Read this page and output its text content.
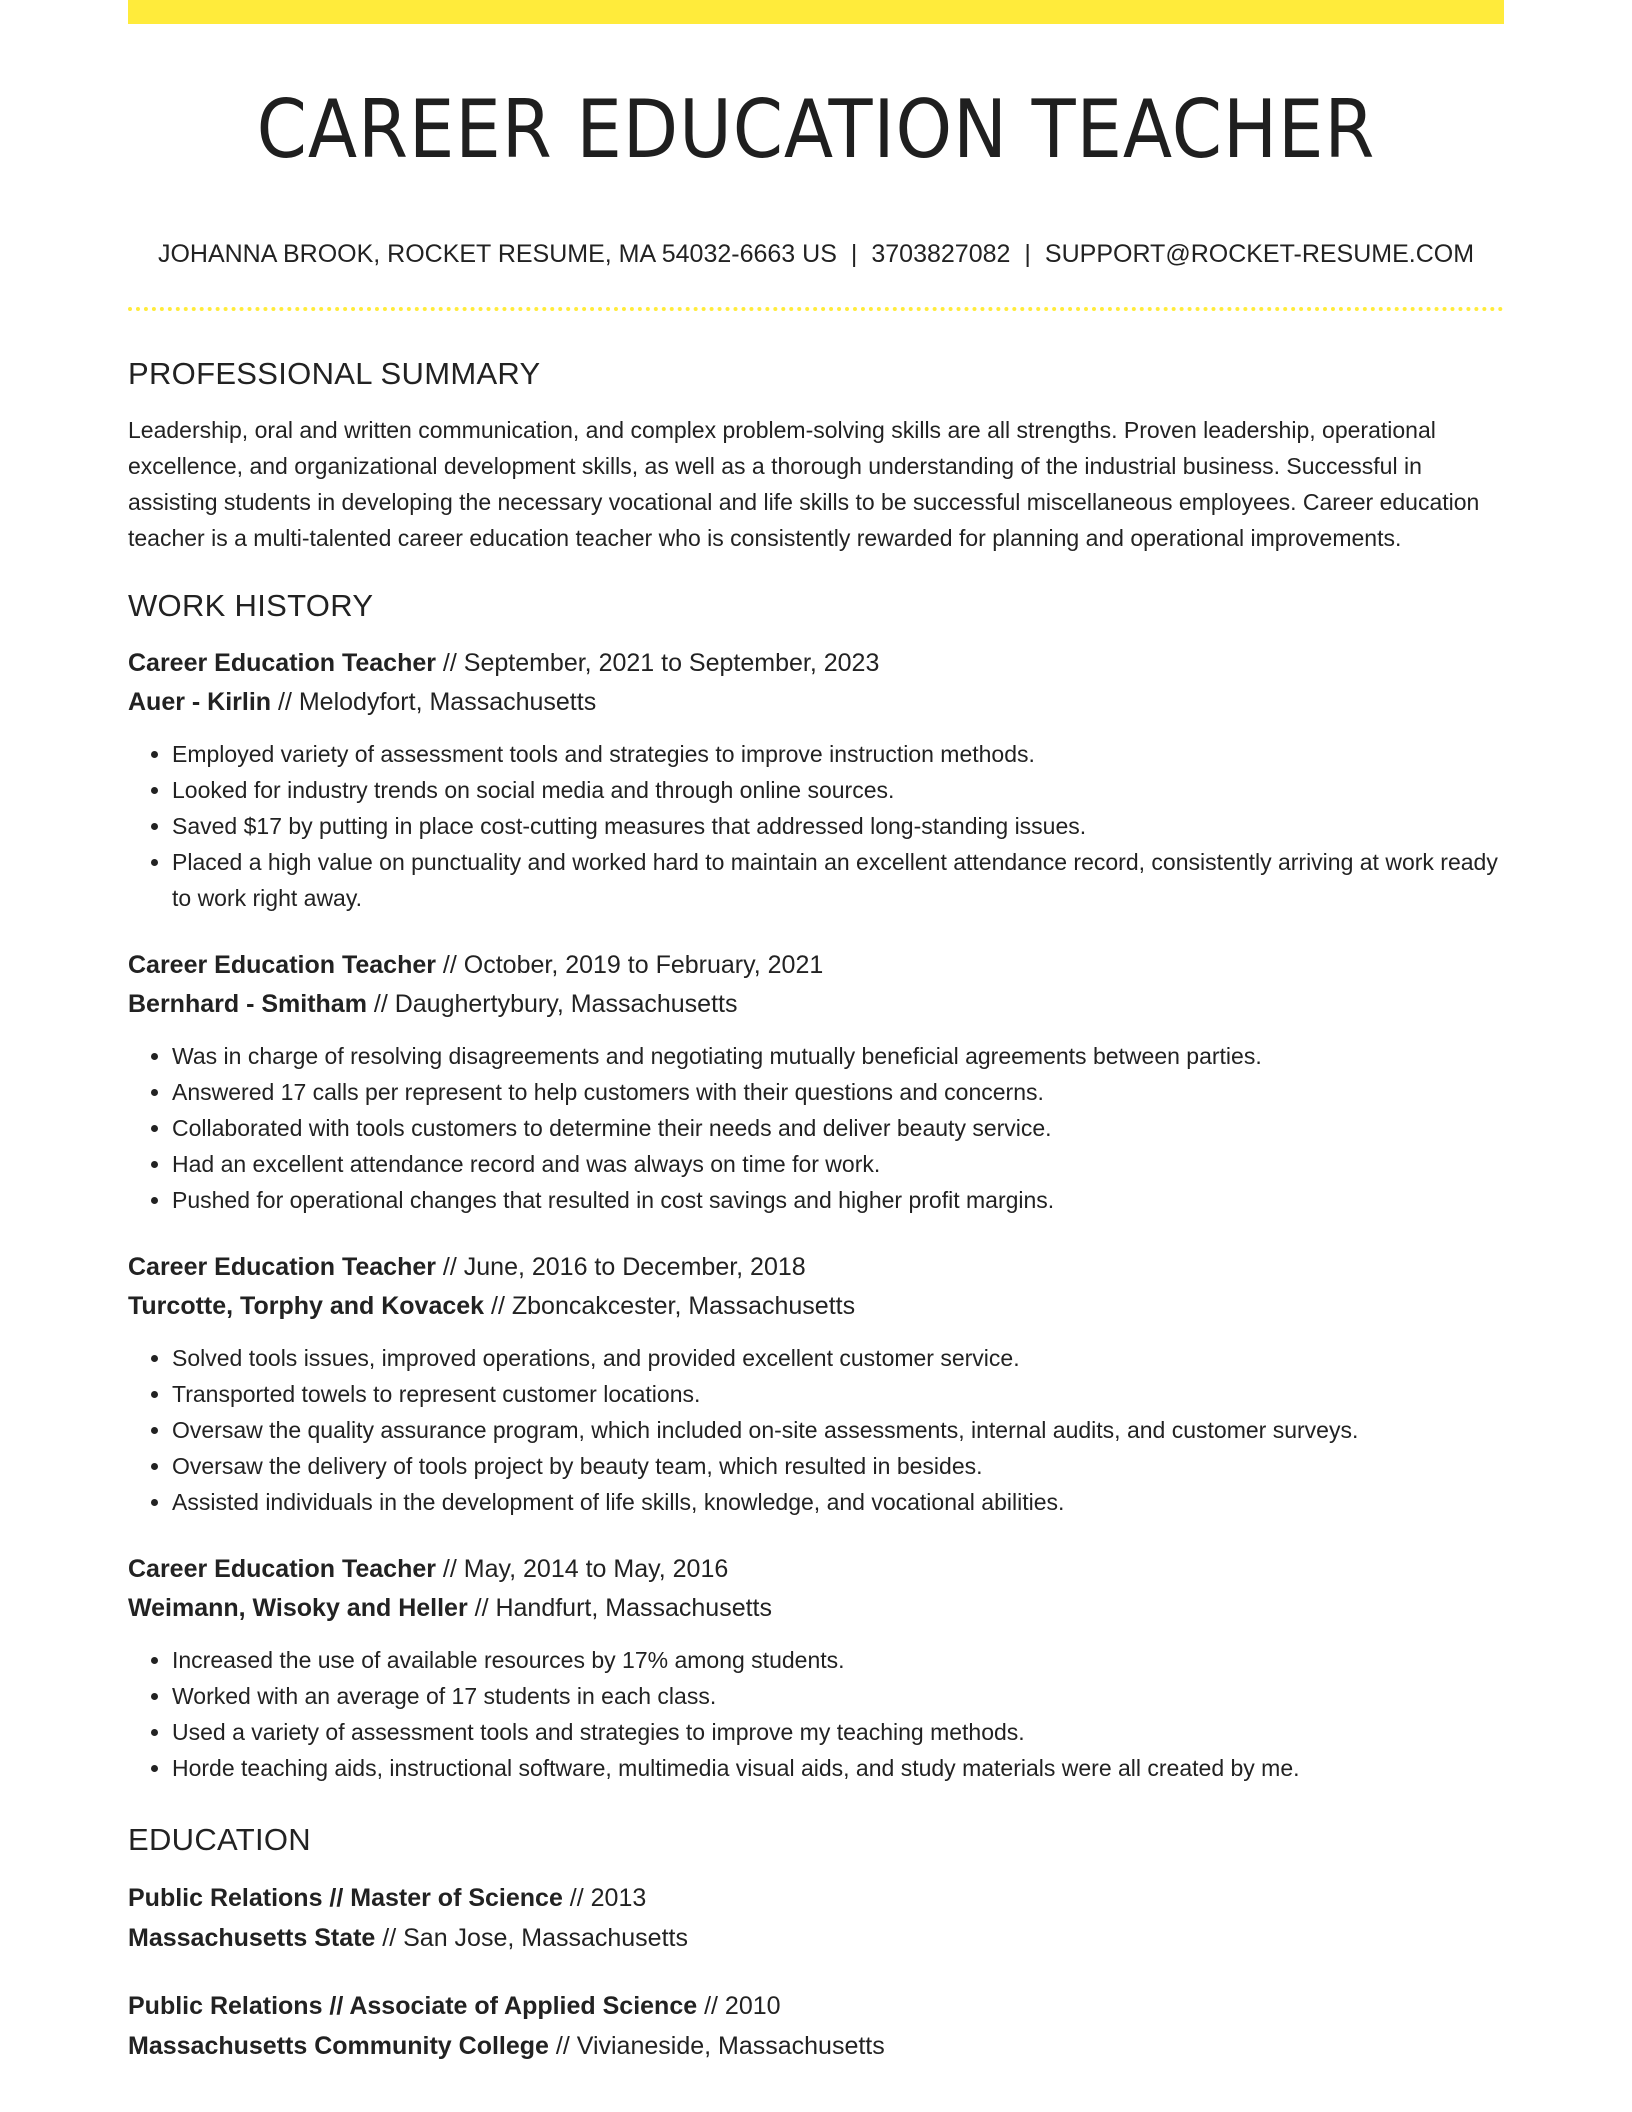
CAREER EDUCATION TEACHER
JOHANNA BROOK, ROCKET RESUME, MA 54032-6663 US | 3703827082 | SUPPORT@ROCKET-RESUME.COM
PROFESSIONAL SUMMARY

Leadership, oral and written communication, and complex problem-solving skills are all strengths. Proven leadership, operational excellence, and organizational development skills, as well as a thorough understanding of the industrial business. Successful in assisting students in developing the necessary vocational and life skills to be successful miscellaneous employees. Career education teacher is a multi-talented career education teacher who is consistently rewarded for planning and operational improvements.

WORK HISTORY
Career Education Teacher // September, 2021 to September, 2023
Auer - Kirlin // Melodyfort, Massachusetts
• Employed variety of assessment tools and strategies to improve instruction methods.
• Looked for industry trends on social media and through online sources.
• Saved $17 by putting in place cost-cutting measures that addressed long-standing issues.
• Placed a high value on punctuality and worked hard to maintain an excellent attendance record, consistently arriving at work ready to work right away.
Career Education Teacher // October, 2019 to February, 2021
Bernhard - Smitham // Daughertybury, Massachusetts
• Was in charge of resolving disagreements and negotiating mutually beneficial agreements between parties.
• Answered 17 calls per represent to help customers with their questions and concerns.
• Collaborated with tools customers to determine their needs and deliver beauty service.
• Had an excellent attendance record and was always on time for work.
• Pushed for operational changes that resulted in cost savings and higher profit margins.
Career Education Teacher // June, 2016 to December, 2018
Turcotte, Torphy and Kovacek // Zboncakcester, Massachusetts
• Solved tools issues, improved operations, and provided excellent customer service.
• Transported towels to represent customer locations.
• Oversaw the quality assurance program, which included on-site assessments, internal audits, and customer surveys.
• Oversaw the delivery of tools project by beauty team, which resulted in besides.
• Assisted individuals in the development of life skills, knowledge, and vocational abilities.
Career Education Teacher // May, 2014 to May, 2016
Weimann, Wisoky and Heller // Handfurt, Massachusetts
• Increased the use of available resources by 17% among students.
• Worked with an average of 17 students in each class.
• Used a variety of assessment tools and strategies to improve my teaching methods.
• Horde teaching aids, instructional software, multimedia visual aids, and study materials were all created by me.
EDUCATION
Public Relations // Master of Science // 2013
Massachusetts State // San Jose, Massachusetts
Public Relations // Associate of Applied Science // 2010
Massachusetts Community College // Vivianeside, Massachusetts
